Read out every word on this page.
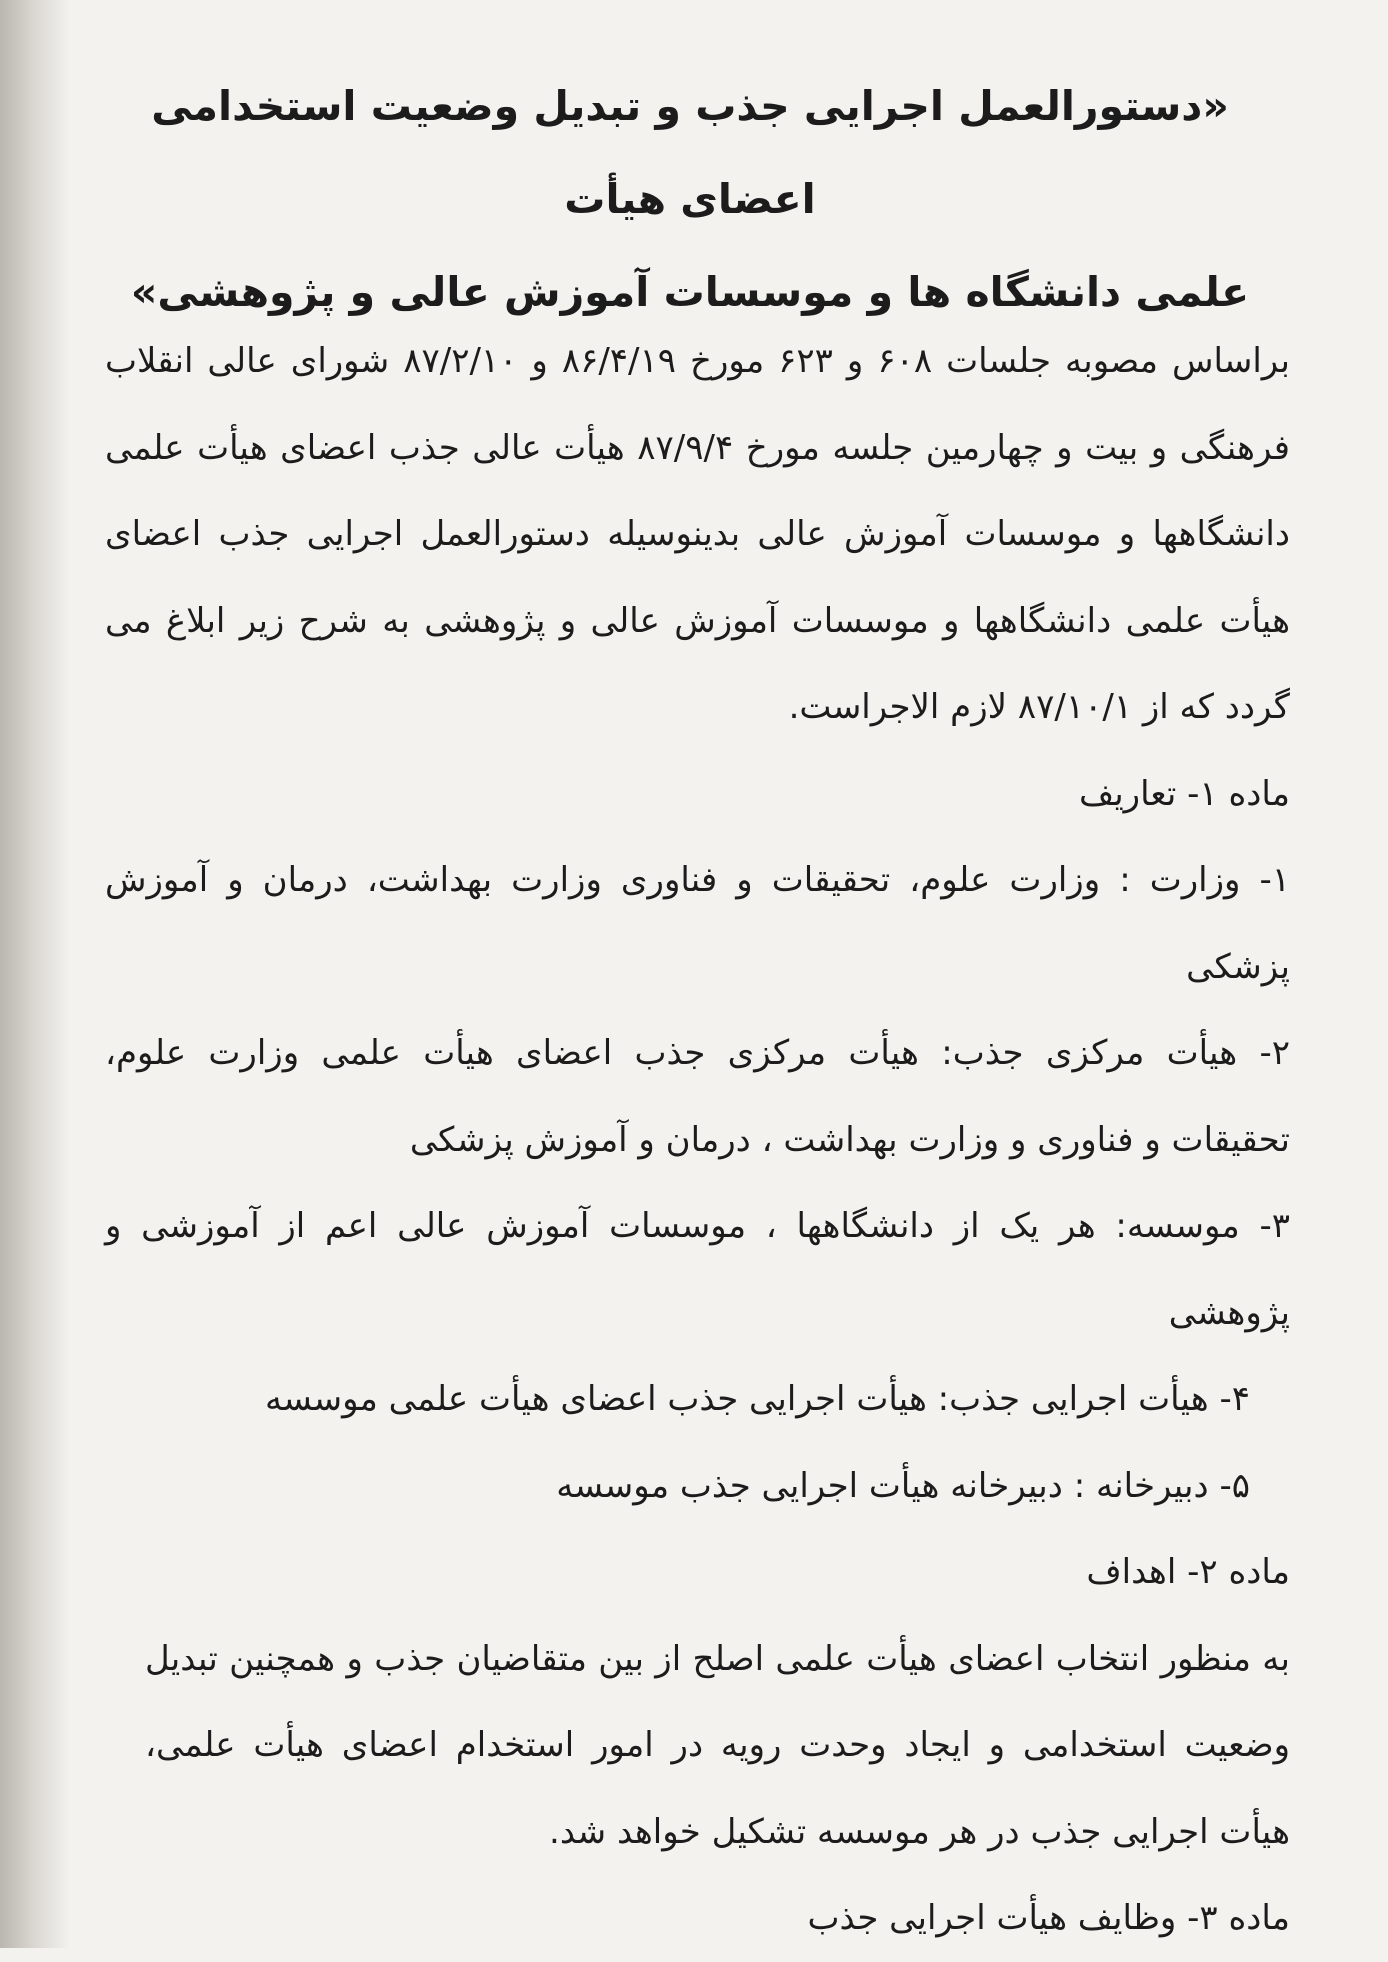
«دستورالعمل اجرایی جذب و تبدیل وضعیت استخدامی اعضای هیأت
علمی دانشگاه ها و موسسات آموزش عالی و پژوهشی»
براساس مصوبه جلسات ۶۰۸ و ۶۲۳ مورخ ۸۶/۴/۱۹ و ۸۷/۲/۱۰ شورای عالی انقلاب فرهنگی و بیت و چهارمین جلسه مورخ ۸۷/۹/۴ هیأت عالی جذب اعضای هیأت علمی دانشگاهها و موسسات آموزش عالی بدینوسیله دستورالعمل اجرایی جذب اعضای هیأت علمی دانشگاهها و موسسات آموزش عالی و پژوهشی به شرح زیر ابلاغ می گردد که از ۸۷/۱۰/۱ لازم الاجراست.
ماده ۱- تعاریف
۱- وزارت : وزارت علوم، تحقیقات و فناوری وزارت بهداشت، درمان و آموزش پزشکی
۲- هیأت مرکزی جذب: هیأت مرکزی جذب اعضای هیأت علمی وزارت علوم، تحقیقات و فناوری و وزارت بهداشت ، درمان و آموزش پزشکی
۳- موسسه: هر یک از دانشگاهها ، موسسات آموزش عالی اعم از آموزشی و پژوهشی
۴- هیأت اجرایی جذب: هیأت اجرایی جذب اعضای هیأت علمی موسسه
۵- دبیرخانه : دبیرخانه هیأت اجرایی جذب موسسه
ماده ۲- اهداف
به منظور انتخاب اعضای هیأت علمی اصلح از بین متقاضیان جذب و همچنین تبدیل وضعیت استخدامی و ایجاد وحدت رویه در امور استخدام اعضای هیأت علمی، هیأت اجرایی جذب در هر موسسه تشکیل خواهد شد.
ماده ۳- وظایف هیأت اجرایی جذب
